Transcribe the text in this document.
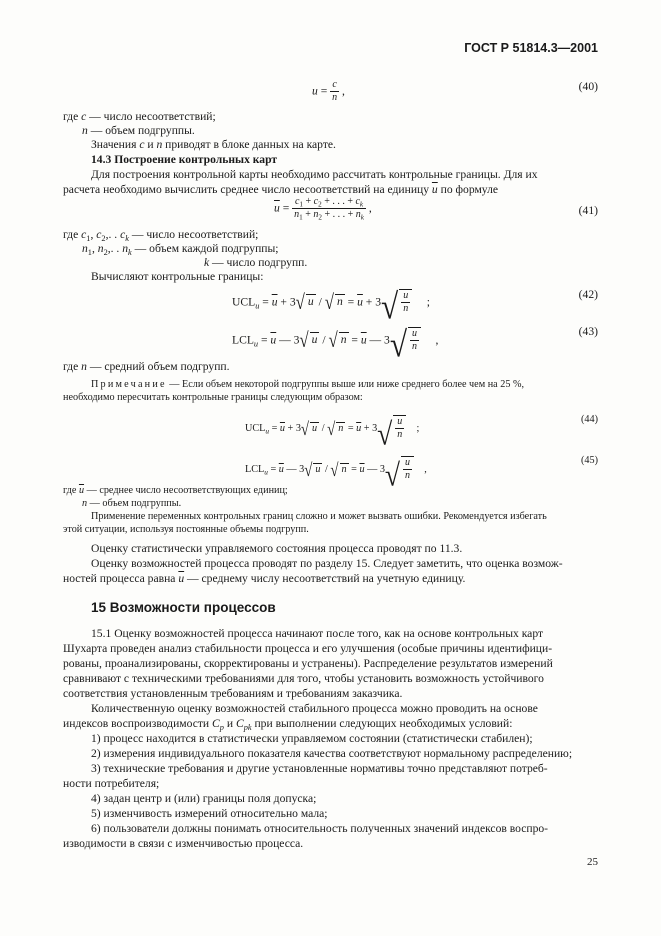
ГОСТ Р 51814.3—2001
$u = \frac{c}{n}$ ,	(40)
где c — число несоответствий;
n — объем подгруппы.
Значения c и n приводят в блоке данных на карте.
14.3 Построение контрольных карт
Для построения контрольной карты необходимо рассчитать контрольные границы. Для их
расчета необходимо вычислить среднее число несоответствий на единицу $\overline{u}$ по формуле
$\overline{u} = \frac{c_1 + c_2 + . . . + c_k}{n_1 + n_2 + . . . + n_k}$ ,	(41)
где $c_1$, $c_2$,. . $c_k$ — число несоответствий;
$n_1$, $n_2$,. . $n_k$ — объем каждой подгруппы;
k — число подгрупп.
Вычисляют контрольные границы:
$UCL_u = \overline{u} + 3√$ u / √ $n = \overline{u} + 3√ \frac{u}{n}$ ;
(42)
$LCL_u = \overline{u}$ — 3√ u / √ $n = \overline{u}$ — $3√ \frac{u}{n}$ ,
(43)
где n — средний объем подгрупп.
Примечание — Если объем некоторой подгруппы выше или ниже среднего более чем на 25 %,
необходимо пересчитать контрольные границы следующим образом:
$UCL_u = \overline{u} + 3√$ u / √ $n = \overline{u} + 3√ \frac{u}{n}$ ;
(44)
$LCL_u = \overline{u}$ — 3√ u / √ $n = \overline{u}$ — $3√ \frac{u}{n}$ ,
(45)
где $\overline{u}$ — среднее число несоответствующих единиц;
n — объем подгруппы.
Применение переменных контрольных границ сложно и может вызвать ошибки. Рекомендуется избегать
этой ситуации, используя постоянные объемы подгрупп.
Оценку статистически управляемого состояния процесса проводят по 11.3.
Оценку возможностей процесса проводят по разделу 15. Следует заметить, что оценка возмож-
ностей процесса равна $\overline{u}$ — среднему числу несоответствий на учетную единицу.
15 Возможности процессов
15.1 Оценку возможностей процесса начинают после того, как на основе контрольных карт
Шухарта проведен анализ стабильности процесса и его улучшения (особые причины идентифици-
рованы, проанализированы, скорректированы и устранены). Распределение результатов измерений
сравнивают с техническими требованиями для того, чтобы установить возможность устойчивого
соответствия установленным требованиям и требованиям заказчика.
Количественную оценку возможностей стабильного процесса можно проводить на основе
индексов воспроизводимости $C_p$ и $C_{pk}$ при выполнении следующих необходимых условий:
1) процесс находится в статистически управляемом состоянии (статистически стабилен);
2) измерения индивидуального показателя качества соответствуют нормальному распределению;
3) технические требования и другие установленные нормативы точно представляют потреб-
ности потребителя;
4) задан центр и (или) границы поля допуска;
5) изменчивость измерений относительно мала;
6) пользователи должны понимать относительность полученных значений индексов воспро-
изводимости в связи с изменчивостью процесса.
25
